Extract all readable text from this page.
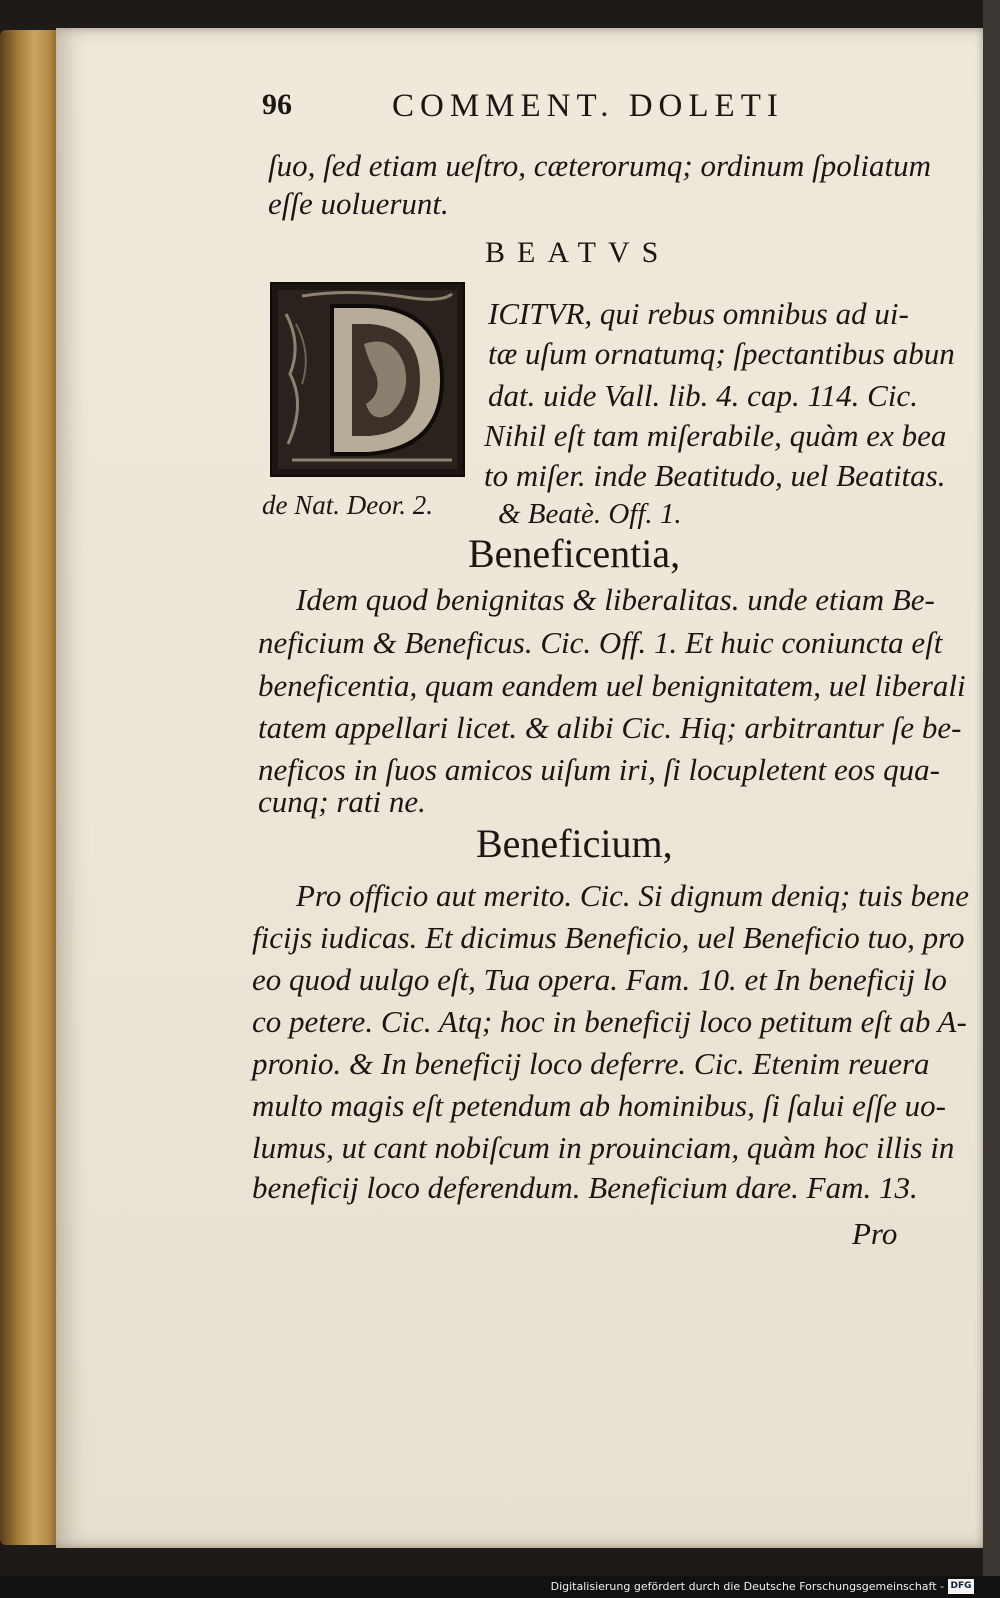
96	COMMENT. DOLETI
ſuo, ſed etiam ueſtro, cæterorumq; ordinum ſpoliatum
eſſe uoluerunt.
BEATVS
ICITVR, qui rebus omnibus ad ui-
tæ uſum ornatumq; ſpectantibus abun
dat. uide Vall. lib. 4. cap. 114. Cic.
Nihil eſt tam miſerabile, quàm ex bea
to miſer. inde Beatitudo, uel Beatitas.
de Nat. Deor. 2. & Beatè. Off. 1.
Beneficentia,
Idem quod benignitas & liberalitas. unde etiam Be-
neficium & Beneficus. Cic. Off. 1. Et huic coniuncta eſt
beneficentia, quam eandem uel benignitatem, uel liberali
tatem appellari licet. & alibi Cic. Hiq; arbitrantur ſe be-
neficos in ſuos amicos uiſum iri, ſi locupletent eos qua-
cunq; rati ne.
Beneficium,
Pro officio aut merito. Cic. Si dignum deniq; tuis bene
ficijs iudicas. Et dicimus Beneficio, uel Beneficio tuo, pro
eo quod uulgo eſt, Tua opera. Fam. 10. et In beneficij lo
co petere. Cic. Atq; hoc in beneficij loco petitum eſt ab A-
pronio. & In beneficij loco deferre. Cic. Etenim reuera
multo magis eſt petendum ab hominibus, ſi ſalui eſſe uo-
lumus, ut cant nobiſcum in prouinciam, quàm hoc illis in
beneficij loco deferendum. Beneficium dare. Fam. 13.
Pro
Digitalisierung gefördert durch die Deutsche Forschungsgemeinschaft - DFG
